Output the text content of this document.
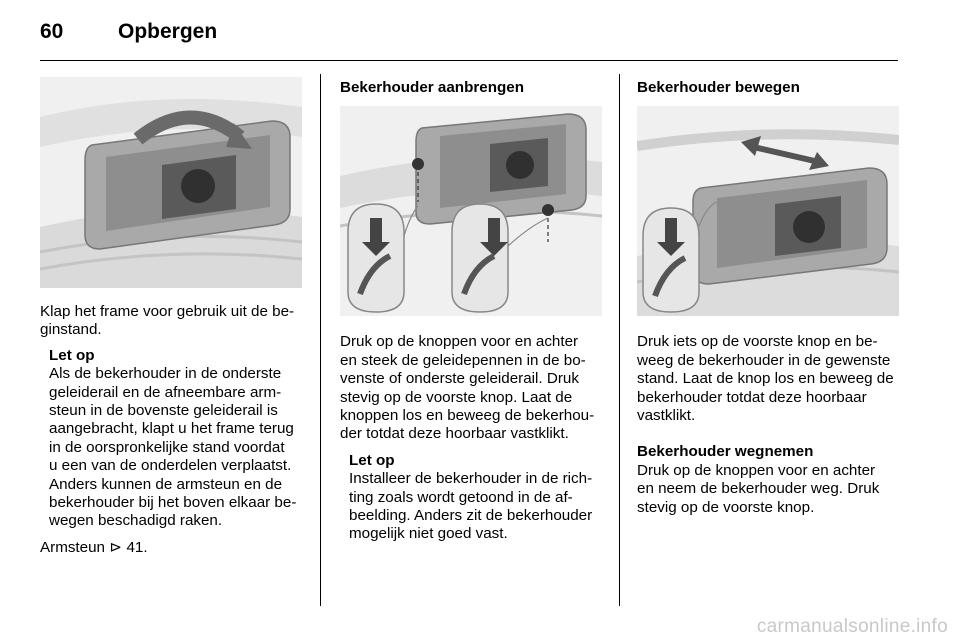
60	Opbergen

Klap het frame voor gebruik uit de be-

ginstand.

Let op

Als de bekerhouder in de onderste

geleiderail en de afneembare arm-

steun in de bovenste geleiderail is

aangebracht, klapt u het frame terug

in de oorspronkelijke stand voordat

u een van de onderdelen verplaatst.

Anders kunnen de armsteun en de

bekerhouder bij het boven elkaar be-

wegen beschadigd raken.

Armsteun ⊳ 41.

Bekerhouder aanbrengen

Druk op de knoppen voor en achter

en steek de geleidepennen in de bo-

venste of onderste geleiderail. Druk

stevig op de voorste knop. Laat de

knoppen los en beweeg de bekerhou-

der totdat deze hoorbaar vastklikt.

Let op

Installeer de bekerhouder in de rich-

ting zoals wordt getoond in de af-

beelding. Anders zit de bekerhouder

mogelijk niet goed vast.

Bekerhouder bewegen

Druk iets op de voorste knop en be-

weeg de bekerhouder in de gewenste

stand. Laat de knop los en beweeg de

bekerhouder totdat deze hoorbaar

vastklikt.

Bekerhouder wegnemen

Druk op de knoppen voor en achter

en neem de bekerhouder weg. Druk

stevig op de voorste knop.

carmanualsonline.info
